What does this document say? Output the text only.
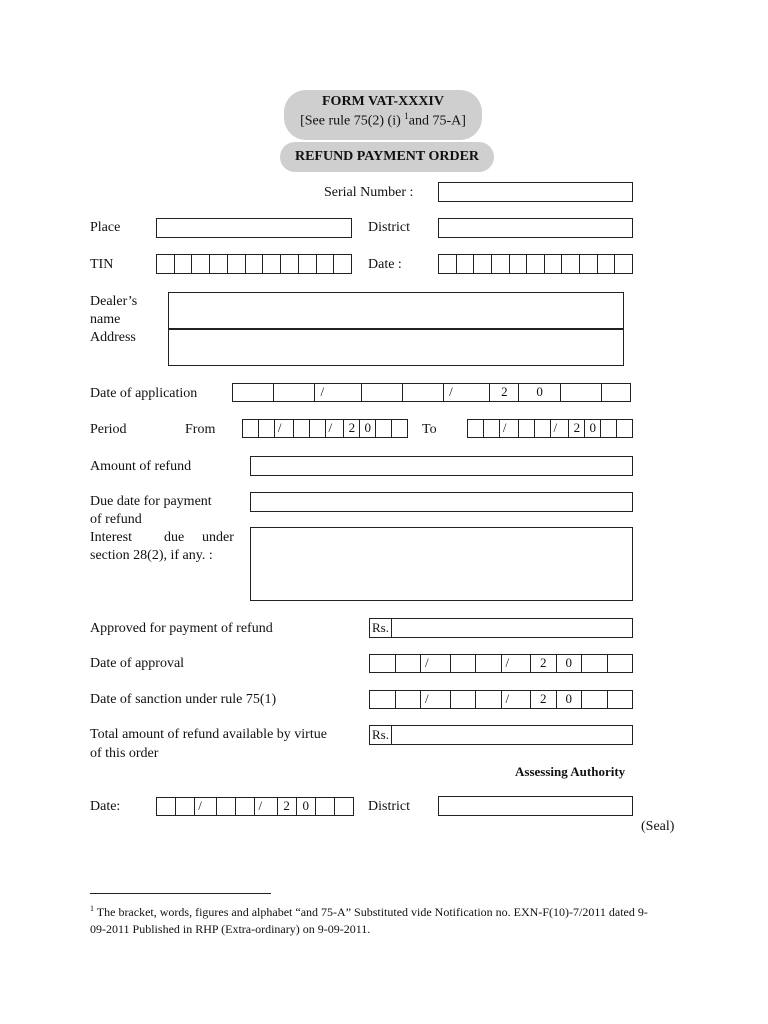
FORM VAT-XXXIV
[See rule 75(2) (i) $^1$and 75-A]
REFUND PAYMENT ORDER
Serial Number :
Place	District
TIN	Date :
Dealer’s
name
Address
Date of application	/	/	2	0
Period	From	/	/	2 0	To	/	/	2 0
Amount of refund
Due date for payment
of refund
Interest due under
section 28(2), if any. :
Approved for payment of refund	Rs.
Date of approval	/	/	2	0
Date of sanction under rule 75(1)	/	/	2	0
Total amount of refund available by virtue
of this order
Rs.
Assessing Authority
Date:	/	/	2 0	District
(Seal)
$^1$ The bracket, words, figures and alphabet “and 75-A” Substituted vide Notification no. EXN-F(10)-7/2011 dated 9-
09-2011 Published in RHP (Extra-ordinary) on 9-09-2011.
